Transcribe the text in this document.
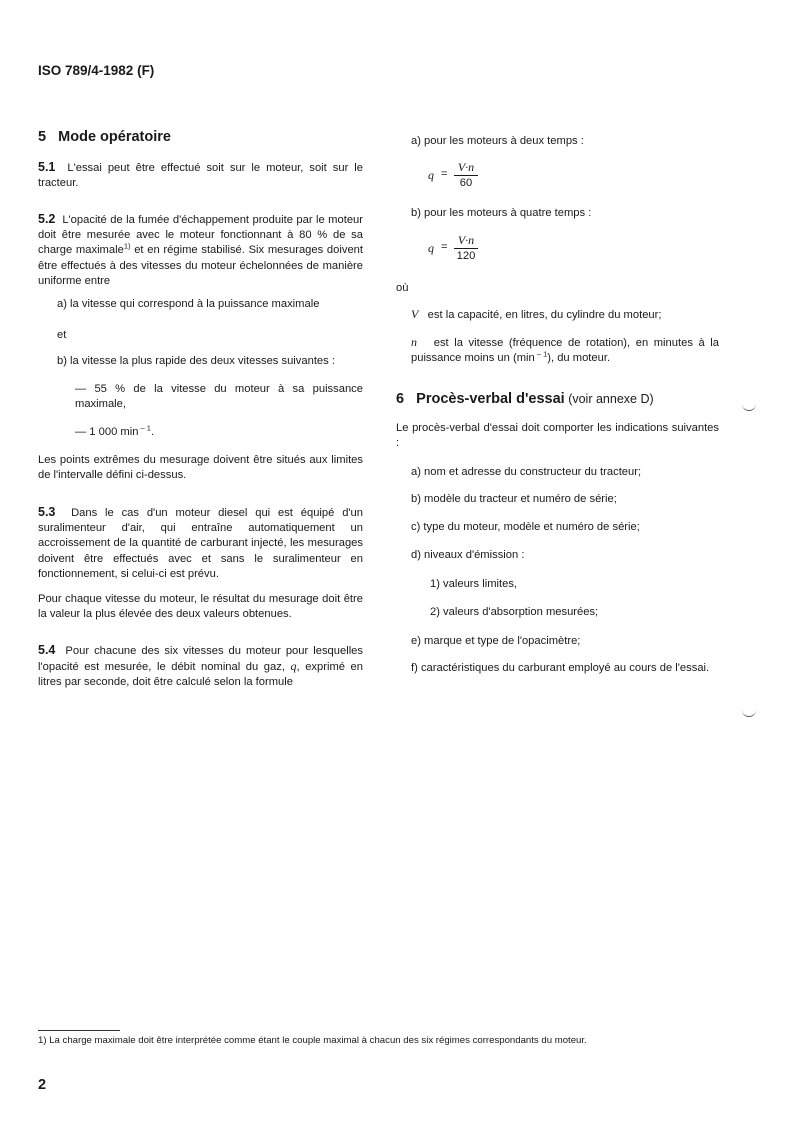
ISO 789/4-1982 (F)
5 Mode opératoire

5.1 L'essai peut être effectué soit sur le moteur, soit sur le tracteur.

5.2 L'opacité de la fumée d'échappement produite par le moteur doit être mesurée avec le moteur fonctionnant à 80 % de sa charge maximale$^{1)}$ et en régime stabilisé. Six mesurages doivent être effectués à des vitesses du moteur échelonnées de manière uniforme entre

a) la vitesse qui correspond à la puissance maximale
et
b) la vitesse la plus rapide des deux vitesses suivantes :

— 55 % de la vitesse du moteur à sa puissance maximale,

— 1 000 min $^{- 1}$.

Les points extrêmes du mesurage doivent être situés aux limites de l'intervalle défini ci-dessus.

5.3 Dans le cas d'un moteur diesel qui est équipé d'un suralimenteur d'air, qui entraîne automatiquement un accroissement de la quantité de carburant injecté, les mesurages doivent être effectués avec et sans le suralimenteur en fonctionnement, si celui-ci est prévu.

Pour chaque vitesse du moteur, le résultat du mesurage doit être la valeur la plus élevée des deux valeurs obtenues.

5.4 Pour chacune des six vitesses du moteur pour lesquelles l'opacité est mesurée, le débit nominal du gaz, q, exprimé en litres par seconde, doit être calculé selon la formule

a) pour les moteurs à deux temps :
q = V·n
60
b) pour les moteurs à quatre temps :
q = V·n
120
où
V est la capacité, en litres, du cylindre du moteur;

n est la vitesse (fréquence de rotation), en minutes à la puissance moins un (min $^{- 1}$), du moteur.

6 Procès-verbal d'essai (voir annexe D)

Le procès-verbal d'essai doit comporter les indications suivantes :

a) nom et adresse du constructeur du tracteur;
b) modèle du tracteur et numéro de série;
c) type du moteur, modèle et numéro de série;
d) niveaux d'émission :
1) valeurs limites,
2) valeurs d'absorption mesurées;
e) marque et type de l'opacimètre;

f) caractéristiques du carburant employé au cours de l'essai.

1) La charge maximale doit être interprétée comme étant le couple maximal à chacun des six régimes correspondants du moteur.
2
